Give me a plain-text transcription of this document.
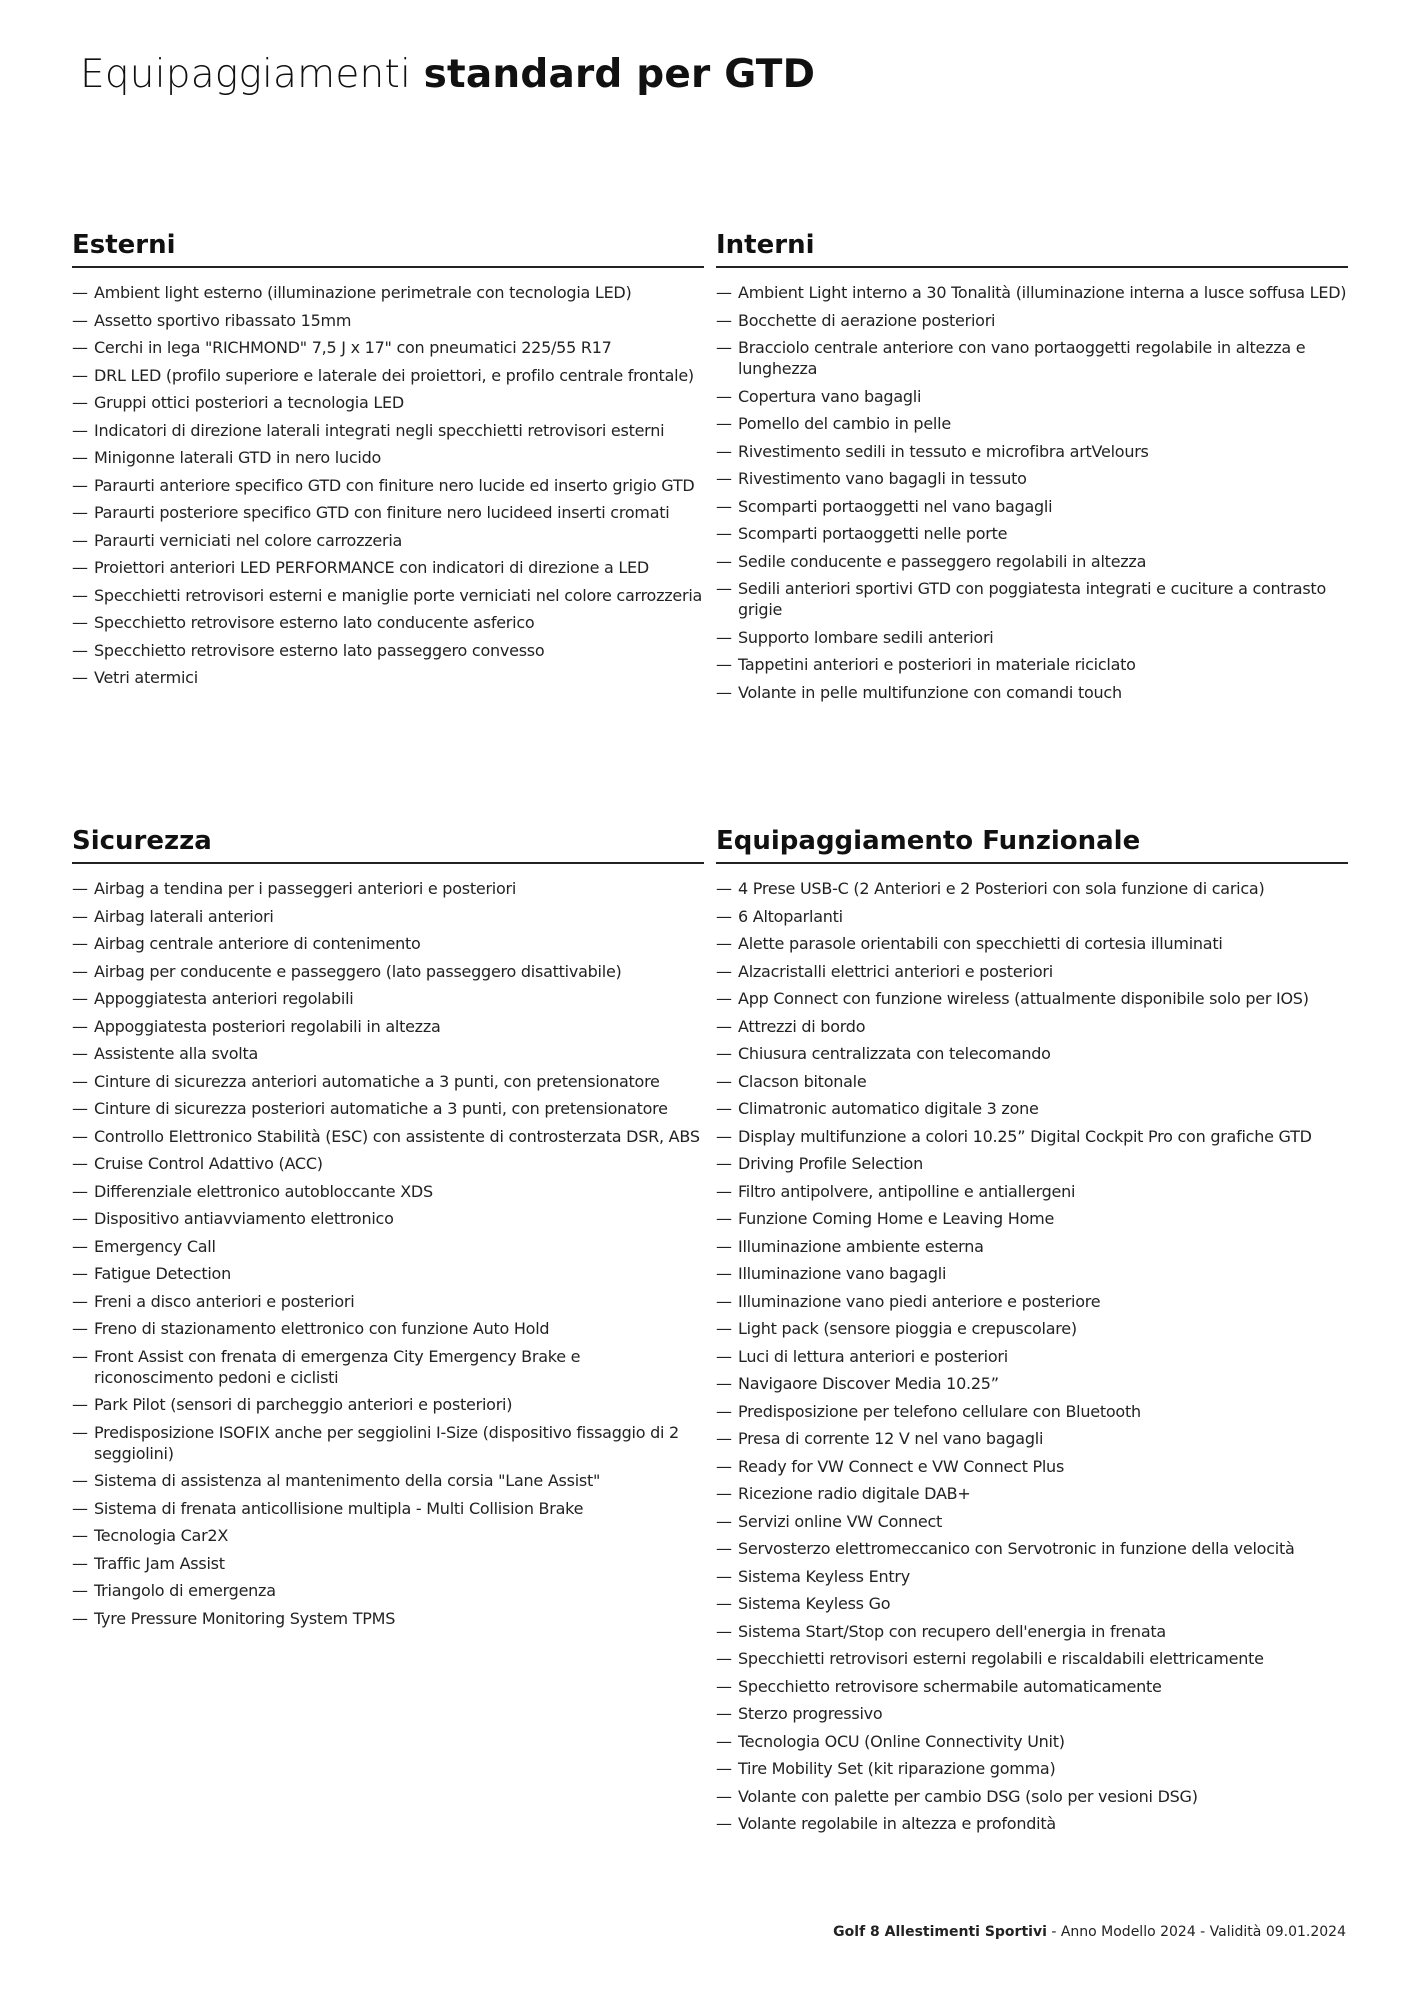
Equipaggiamenti standard per GTD
Esterni
— Ambient light esterno (illuminazione perimetrale con tecnologia LED)
— Assetto sportivo ribassato 15mm
— Cerchi in lega "RICHMOND" 7,5 J x 17" con pneumatici 225/55 R17
— DRL LED (profilo superiore e laterale dei proiettori, e profilo centrale frontale)
— Gruppi ottici posteriori a tecnologia LED
— Indicatori di direzione laterali integrati negli specchietti retrovisori esterni
— Minigonne laterali GTD in nero lucido
— Paraurti anteriore specifico GTD con finiture nero lucide ed inserto grigio GTD
— Paraurti posteriore specifico GTD con finiture nero lucideed inserti cromati
— Paraurti verniciati nel colore carrozzeria
— Proiettori anteriori LED PERFORMANCE con indicatori di direzione a LED
— Specchietti retrovisori esterni e maniglie porte verniciati nel colore carrozzeria
— Specchietto retrovisore esterno lato conducente asferico
— Specchietto retrovisore esterno lato passeggero convesso
— Vetri atermici
Interni
— Ambient Light interno a 30 Tonalità (illuminazione interna a lusce soffusa LED)
— Bocchette di aerazione posteriori
— Bracciolo centrale anteriore con vano portaoggetti regolabile in altezza e lunghezza
— Copertura vano bagagli
— Pomello del cambio in pelle
— Rivestimento sedili in tessuto e microfibra artVelours
— Rivestimento vano bagagli in tessuto
— Scomparti portaoggetti nel vano bagagli
— Scomparti portaoggetti nelle porte
— Sedile conducente e passeggero regolabili in altezza
— Sedili anteriori sportivi GTD con poggiatesta integrati e cuciture a contrasto grigie
— Supporto lombare sedili anteriori
— Tappetini anteriori e posteriori in materiale riciclato
— Volante in pelle multifunzione con comandi touch
Sicurezza
— Airbag a tendina per i passeggeri anteriori e posteriori
— Airbag laterali anteriori
— Airbag centrale anteriore di contenimento
— Airbag per conducente e passeggero (lato passeggero disattivabile)
— Appoggiatesta anteriori regolabili
— Appoggiatesta posteriori regolabili in altezza
— Assistente alla svolta
— Cinture di sicurezza anteriori automatiche a 3 punti, con pretensionatore
— Cinture di sicurezza posteriori automatiche a 3 punti, con pretensionatore
— Controllo Elettronico Stabilità (ESC) con assistente di controsterzata DSR, ABS
— Cruise Control Adattivo (ACC)
— Differenziale elettronico autobloccante XDS
— Dispositivo antiavviamento elettronico
— Emergency Call
— Fatigue Detection
— Freni a disco anteriori e posteriori
— Freno di stazionamento elettronico con funzione Auto Hold
— Front Assist con frenata di emergenza City Emergency Brake e riconoscimento pedoni e ciclisti
— Park Pilot (sensori di parcheggio anteriori e posteriori)
— Predisposizione ISOFIX anche per seggiolini I-Size (dispositivo fissaggio di 2 seggiolini)
— Sistema di assistenza al mantenimento della corsia "Lane Assist"
— Sistema di frenata anticollisione multipla - Multi Collision Brake
— Tecnologia Car2X
— Traffic Jam Assist
— Triangolo di emergenza
— Tyre Pressure Monitoring System TPMS
Equipaggiamento Funzionale
— 4 Prese USB-C (2 Anteriori e 2 Posteriori con sola funzione di carica)
— 6 Altoparlanti
— Alette parasole orientabili con specchietti di cortesia illuminati
— Alzacristalli elettrici anteriori e posteriori
— App Connect con funzione wireless (attualmente disponibile solo per IOS)
— Attrezzi di bordo
— Chiusura centralizzata con telecomando
— Clacson bitonale
— Climatronic automatico digitale 3 zone
— Display multifunzione a colori 10.25” Digital Cockpit Pro con grafiche GTD
— Driving Profile Selection
— Filtro antipolvere, antipolline e antiallergeni
— Funzione Coming Home e Leaving Home
— Illuminazione ambiente esterna
— Illuminazione vano bagagli
— Illuminazione vano piedi anteriore e posteriore
— Light pack (sensore pioggia e crepuscolare)
— Luci di lettura anteriori e posteriori
— Navigaore Discover Media 10.25”
— Predisposizione per telefono cellulare con Bluetooth
— Presa di corrente 12 V nel vano bagagli
— Ready for VW Connect e VW Connect Plus
— Ricezione radio digitale DAB+
— Servizi online VW Connect
— Servosterzo elettromeccanico con Servotronic in funzione della velocità
— Sistema Keyless Entry
— Sistema Keyless Go
— Sistema Start/Stop con recupero dell'energia in frenata
— Specchietti retrovisori esterni regolabili e riscaldabili elettricamente
— Specchietto retrovisore schermabile automaticamente
— Sterzo progressivo
— Tecnologia OCU (Online Connectivity Unit)
— Tire Mobility Set (kit riparazione gomma)
— Volante con palette per cambio DSG (solo per vesioni DSG)
— Volante regolabile in altezza e profondità
Golf 8 Allestimenti Sportivi - Anno Modello 2024 - Validità 09.01.2024
